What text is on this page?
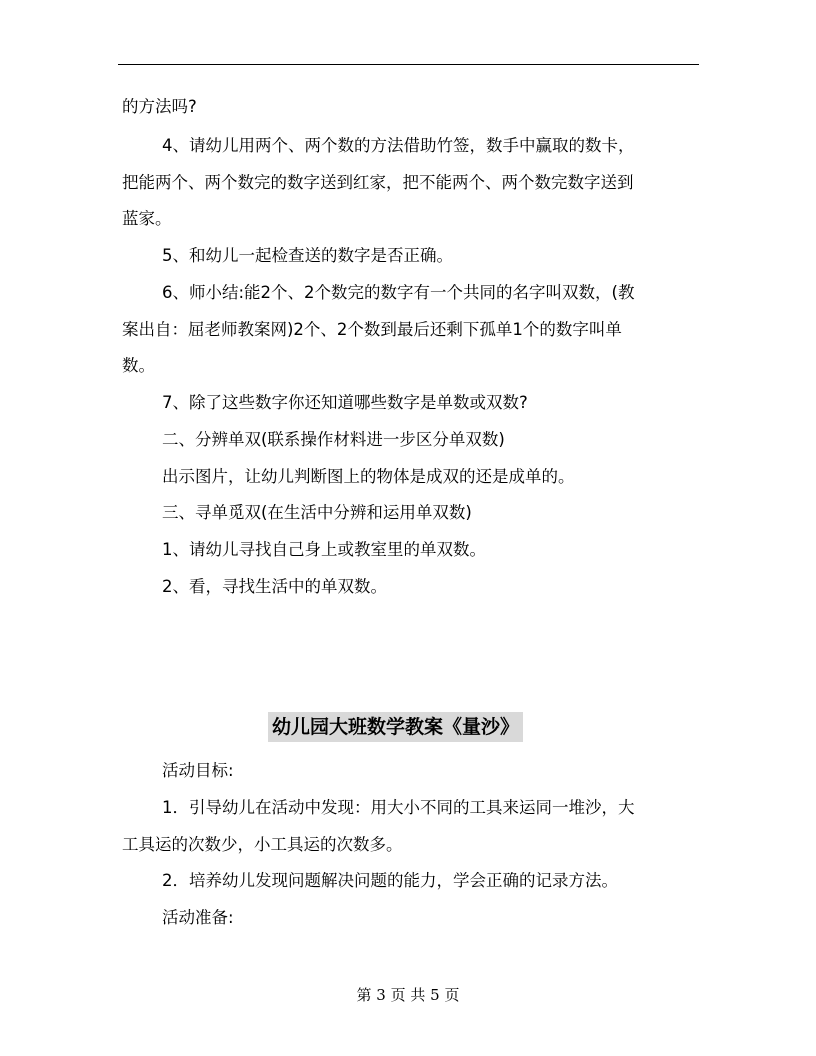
的方法吗?

4、请幼儿用两个、两个数的方法借助竹签，数手中赢取的数卡，

把能两个、两个数完的数字送到红家，把不能两个、两个数完数字送到

蓝家。

5、和幼儿一起检查送的数字是否正确。

6、师小结:能2个、2个数完的数字有一个共同的名字叫双数，(教

案出自：屈老师教案网)2个、2个数到最后还剩下孤单1个的数字叫单

数。

7、除了这些数字你还知道哪些数字是单数或双数?

二、分辨单双(联系操作材料进一步区分单双数)

出示图片，让幼儿判断图上的物体是成双的还是成单的。

三、寻单觅双(在生活中分辨和运用单双数)

1、请幼儿寻找自己身上或教室里的单双数。

2、看，寻找生活中的单双数。

幼儿园大班数学教案《量沙》

活动目标:

1．引导幼儿在活动中发现：用大小不同的工具来运同一堆沙，大

工具运的次数少，小工具运的次数多。

2．培养幼儿发现问题解决问题的能力，学会正确的记录方法。

活动准备:

第 3 页 共 5 页
